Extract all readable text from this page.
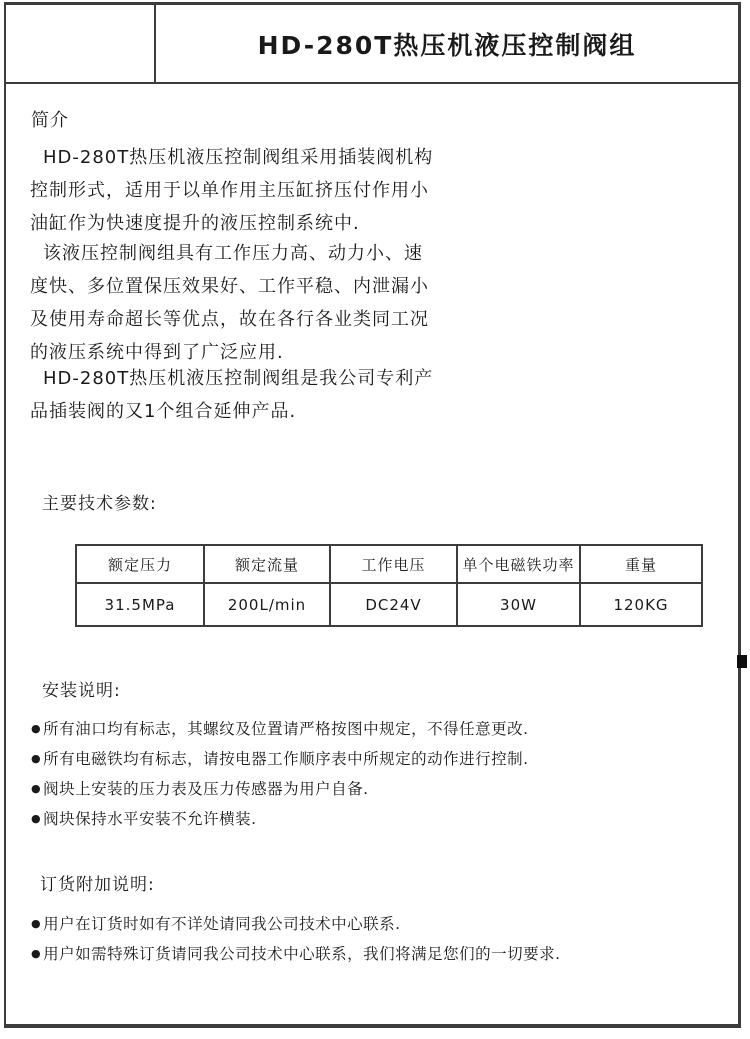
HD-280T热压机液压控制阀组
简介
HD-280T热压机液压控制阀组采用插装阀机构
控制形式，适用于以单作用主压缸挤压付作用小
油缸作为快速度提升的液压控制系统中.
该液压控制阀组具有工作压力高、动力小、速
度快、多位置保压效果好、工作平稳、内泄漏小
及使用寿命超长等优点，故在各行各业类同工况
的液压系统中得到了广泛应用.
HD-280T热压机液压控制阀组是我公司专利产
品插装阀的又1个组合延伸产品.
主要技术参数:
额定压力	额定流量	工作电压	单个电磁铁功率	重量
31.5MPa	200L/min	DC24V	30W	120KG
安装说明:
● 所有油口均有标志，其螺纹及位置请严格按图中规定，不得任意更改.
● 所有电磁铁均有标志，请按电器工作顺序表中所规定的动作进行控制.
● 阀块上安装的压力表及压力传感器为用户自备.
● 阀块保持水平安装不允许横装.
订货附加说明:
● 用户在订货时如有不详处请同我公司技术中心联系.
● 用户如需特殊订货请同我公司技术中心联系，我们将满足您们的一切要求.
